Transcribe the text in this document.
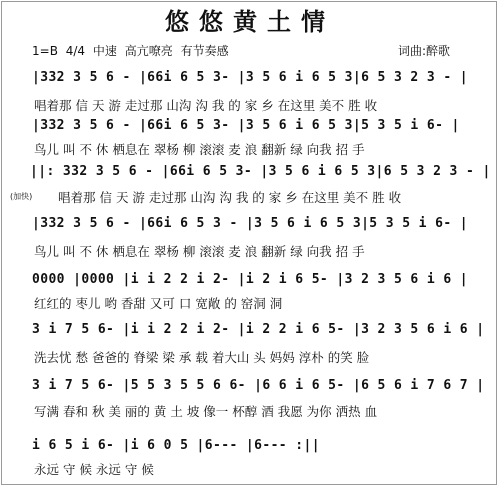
悠悠黄土情
1=B 4/4 中速 高亢嘹亮 有节奏感	词曲:醉歌
|332 3 5 6 - |66i 6 5 3- |3 5 6 i 6 5 3|6 5 3 2 3 - |
唱着那 信 天 游 走过那 山沟 沟 我 的 家 乡 在这里 美不 胜 收
|332 3 5 6 - |66i 6 5 3- |3 5 6 i 6 5 3|5 3 5 i 6- |
鸟儿 叫 不 休 栖息在 翠杨 柳 滚滚 麦 浪 翻新 绿 向我 招 手
||: 332 3 5 6 - |66i 6 5 3- |3 5 6 i 6 5 3|6 5 3 2 3 - |
(加快) 唱着那 信 天 游 走过那 山沟 沟 我 的 家 乡 在这里 美不 胜 收
|332 3 5 6 - |66i 6 5 3 - |3 5 6 i 6 5 3|5 3 5 i 6- |
鸟儿 叫 不 休 栖息在 翠杨 柳 滚滚 麦 浪 翻新 绿 向我 招 手
0000 |0000 |i i 2 2 i 2- |i 2 i 6 5- |3 2 3 5 6 i 6 |
红红的 枣儿 哟 香甜 又可 口 宽敞 的 窑洞 洞
3 i 7 5 6- |i i 2 2 i 2- |i 2 2 i 6 5- |3 2 3 5 6 i 6 |
洗去忧 愁 爸爸的 脊梁 梁 承 载 着大山 头 妈妈 淳朴 的笑 脸
3 i 7 5 6- |5 5 3 5 5 6 6- |6 6 i 6 5- |6 5 6 i 7 6 7 |
写满 春和 秋 美 丽的 黄 土 坡 像一 杯醇 酒 我愿 为你 洒热 血
i 6 5 i 6- |i 6 0 5 |6--- |6--- :||
永远 守 候 永远 守 候
